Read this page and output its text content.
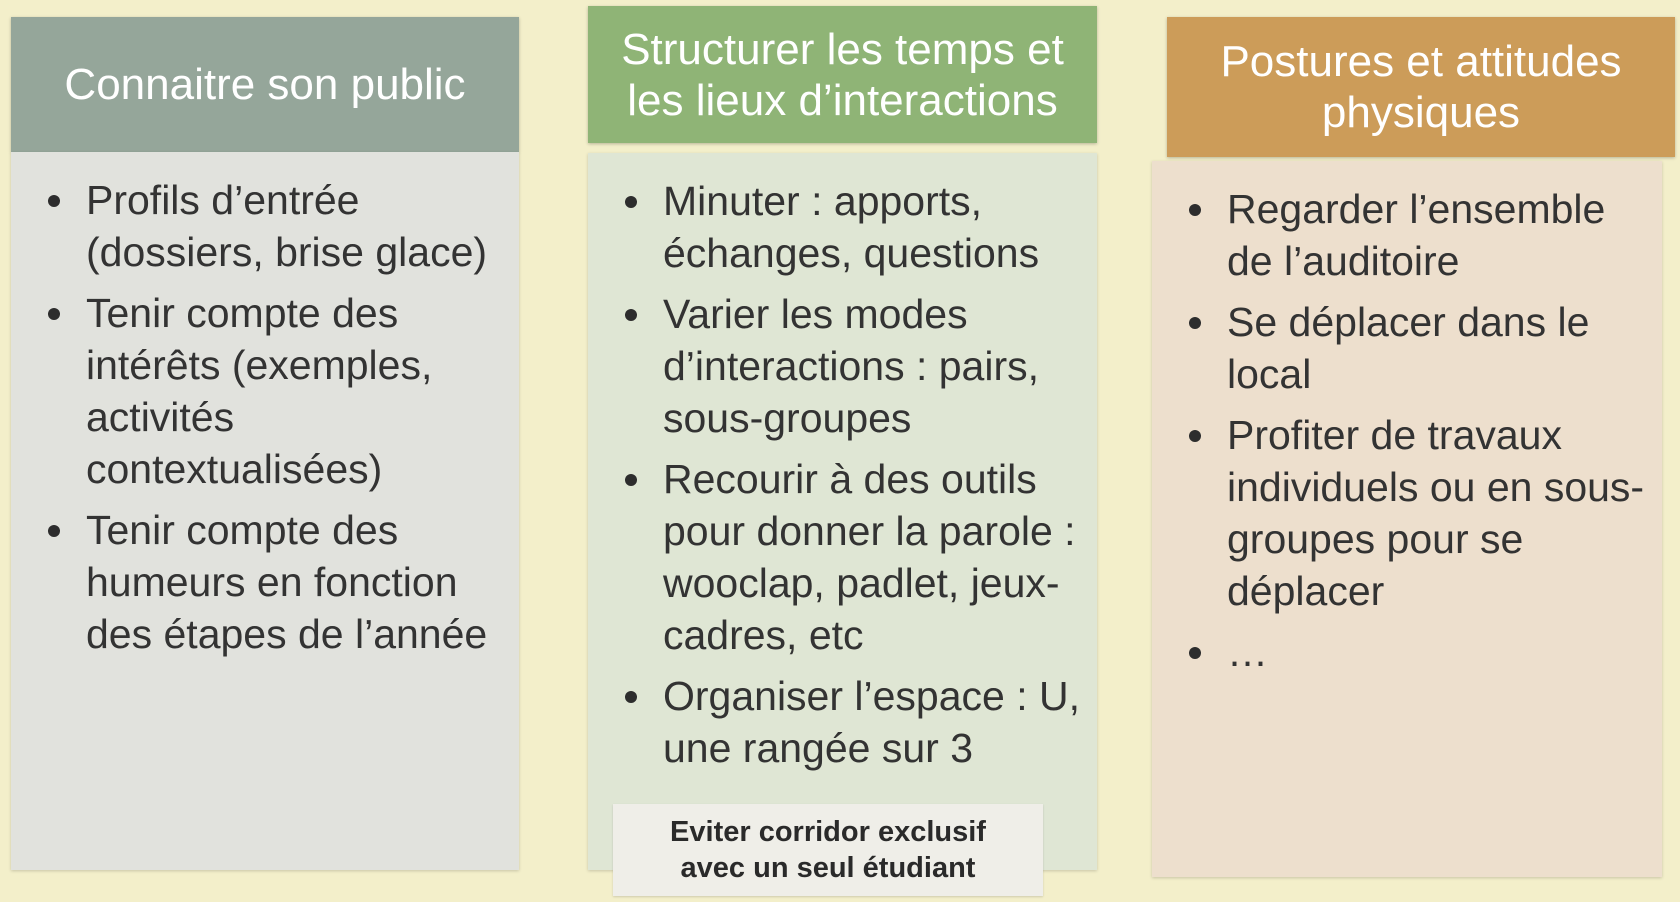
Connaitre son public
Profils d’entrée (dossiers, brise glace)
Tenir compte des intérêts (exemples, activités contextualisées)
Tenir compte des humeurs en fonction des étapes de l’année
Structurer les temps et les lieux d’interactions
Minuter : apports, échanges, questions
Varier les modes d’interactions : pairs, sous-groupes
Recourir à des outils pour donner la parole : wooclap, padlet, jeux-cadres, etc
Organiser l’espace : U, une rangée sur 3
Eviter corridor exclusif avec un seul étudiant
Postures et attitudes physiques
Regarder l’ensemble de l’auditoire
Se déplacer dans le local
Profiter de travaux individuels ou en sous-groupes pour se déplacer
…
